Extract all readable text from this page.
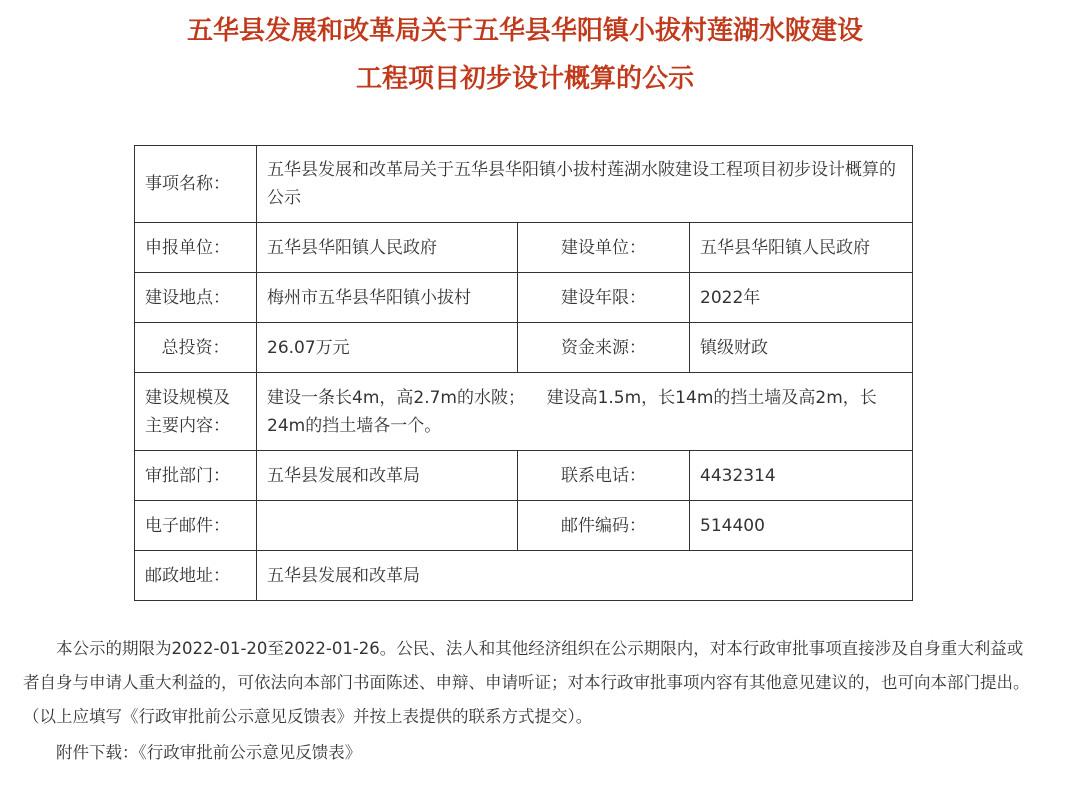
五华县发展和改革局关于五华县华阳镇小拔村莲湖水陂建设
工程项目初步设计概算的公示
事项名称：	五华县发展和改革局关于五华县华阳镇小拔村莲湖水陂建设工程项目初步设计概算的公示		
申报单位：	五华县华阳镇人民政府	建设单位：	五华县华阳镇人民政府
建设地点：	梅州市五华县华阳镇小拔村	建设年限：	2022年
总投资：	26.07万元	资金来源：	镇级财政
建设规模及主要内容：	建设一条长4m，高2.7m的水陂；    建设高1.5m，长14m的挡土墙及高2m，长24m的挡土墙各一个。		
审批部门：	五华县发展和改革局	联系电话：	4432314
电子邮件：		邮件编码：	514400
邮政地址：	五华县发展和改革局		

本公示的期限为2022-01-20至2022-01-26。公民、法人和其他经济组织在公示期限内，对本行政审批事项直接涉及自身重大利益或者自身与申请人重大利益的，可依法向本部门书面陈述、申辩、申请听证；对本行政审批事项内容有其他意见建议的，也可向本部门提出。（以上应填写《行政审批前公示意见反馈表》并按上表提供的联系方式提交）。

附件下载：《行政审批前公示意见反馈表》
